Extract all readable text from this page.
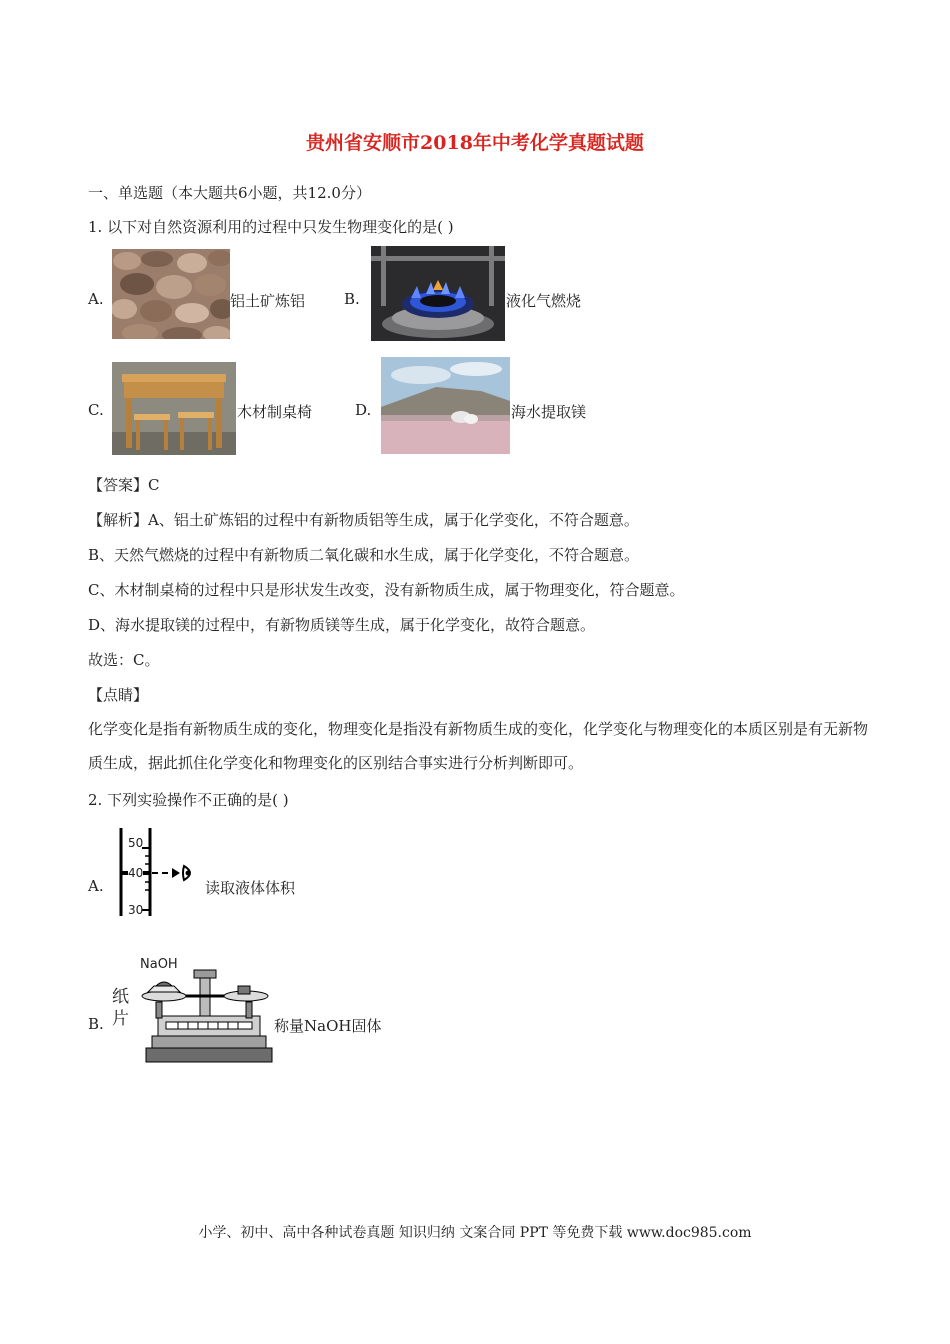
贵州省安顺市2018年中考化学真题试题
一、单选题（本大题共6小题，共12.0分）
1. 以下对自然资源利用的过程中只发生物理变化的是( )
A.	铝土矿炼铝	B.	液化气燃烧
C.	木材制桌椅	D.	海水提取镁
【答案】C
【解析】A、铝土矿炼铝的过程中有新物质铝等生成，属于化学变化，不符合题意。
B、天然气燃烧的过程中有新物质二氧化碳和水生成，属于化学变化，不符合题意。
C、木材制桌椅的过程中只是形状发生改变，没有新物质生成，属于物理变化，符合题意。
D、海水提取镁的过程中，有新物质镁等生成，属于化学变化，故符合题意。
故选：C。
【点睛】
化学变化是指有新物质生成的变化，物理变化是指没有新物质生成的变化，化学变化与物理变化的本质区别是有无新物质生成，据此抓住化学变化和物理变化的区别结合事实进行分析判断即可。
2. 下列实验操作不正确的是( )
A.
50
40
30
读取液体体积
B.
NaOH
纸
片	称量NaOH固体
小学、初中、高中各种试卷真题 知识归纳 文案合同 PPT 等免费下载 www.doc985.com
